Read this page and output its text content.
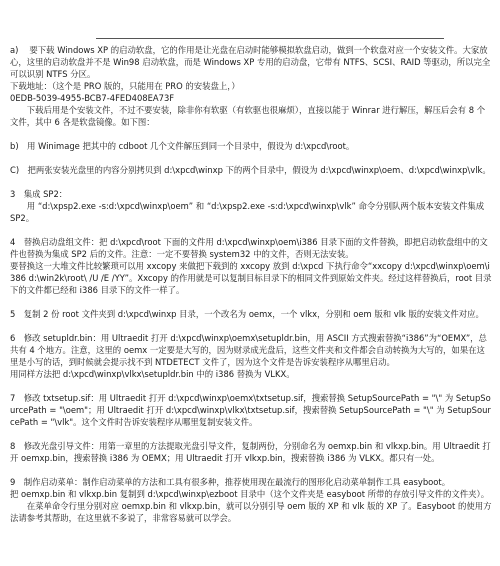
a)　 要下载 Windows XP 的启动软盘，它的作用是让光盘在启动时能够模拟软盘启动，做到一个软盘对应一个安装文件。大家放心，这里的启动软盘并不是 Win98 启动软盘，而是 Windows XP 专用的启动盘，它带有 NTFS、SCSI、RAID 等驱动，所以完全可以识别 NTFS 分区。

下载地址：（这个是 PRO 版的，只能用在 PRO 的安装盘上，）

0EDB-5039-4955-BCB7-4FED408EA73F

下载后用是个安装文件，不过不要安装，除非你有软驱（有软驱也很麻烦），直接以能于 Winrar 进行解压，解压后会有 8 个文件，其中 6 各是软盘镜像。如下图：

b)　用 Winimage 把其中的 cdboot 几个文件解压到同一个目录中，假设为 d:\xpcd\root。

C)　把两张安装光盘里的内容分别拷贝到 d:\xpcd\winxp 下的两个目录中，假设为 d:\xpcd\winxp\oem、d:\xpcd\winxp\vlk。

3　集成 SP2：

用 “d:\xpsp2.exe -s:d:\xpcd\winxp\oem” 和 “d:\xpsp2.exe -s:d:\xpcd\winxp\vlk” 命令分别队两个版本安装文件集成 SP2。

4　替换启动盘组文件：把 d:\xpcd\root 下面的文件用 d:\xpcd\winxp\oem\i386 目录下面的文件替换，即把启动软盘组中的文件也替换为集成 SP2 后的文件。注意：一定不要替换 system32 中的文件，否则无法安装。

要替换这一大堆文件比较繁琐可以用 xxcopy 来做把下载到的 xxcopy 放到 d:\xpcd 下执行命令“xxcopy d:\xpcd\winxp\oem\i386 d:\win2k\root\ /U /E /YY”。Xxcopy 的作用就是可以复制目标目录下的相同文件到原始文件夹。经过这样替换后，root 目录下的文件都已经和 i386 目录下的文件一样了。

5　复制 2 份 root 文件夹到 d:\xpcd\winxp 目录，一个改名为 oemx，一个 vlkx，分别和 oem 版和 vlk 版的安装文件对应。

6　修改 setupldr.bin：用 Ultraedit 打开 d:\xpcd\winxp\oemx\setupldr.bin，用 ASCII 方式搜索替换“i386”为“OEMX”，总共有 4 个地方。注意，这里的 oemx 一定要是大写的，因为财录成光盘后，这些文件夹和文件都会自动转换为大写的，如果在这里是小写的话，到时候就会提示找不到 NTDETECT 文件了，因为这个文件是告诉安装程序从哪里启动。

用同样方法把 d:\xpcd\winxp\vlkx\setupldr.bin 中的 i386 替换为 VLKX。

7　修改 txtsetup.sif：用 Ultraedit 打开 d:\xpcd\winxp\oemx\txtsetup.sif，搜索替换 SetupSourcePath = "\" 为 SetupSourcePath = "\oem"；用 Ultraedit 打开 d:\xpcd\winxp\vlkx\txtsetup.sif，搜索替换 SetupSourcePath = "\" 为 SetupSourcePath = "\vlk"。这个文件时告诉安装程序从哪里复制安装文件。

8　修改光盘引导文件：用第一章里的方法提取光盘引导文件，复制两份，分别命名为 oemxp.bin 和 vlkxp.bin。用 Ultraedit 打开 oemxp.bin，搜索替换 i386 为 OEMX；用 Ultraedit 打开 vlkxp.bin，搜索替换 i386 为 VLKX。都只有一处。

9　制作启动菜单：制作启动菜单的方法和工具有很多种，推荐使用现在最流行的图形化启动菜单制作工具 easyboot。

把 oemxp.bin 和 vlkxp.bin 复制到 d:\xpcd\winxp\ezboot 目录中（这个文件夹是 easyboot 所带的存放引导文件的文件夹）。

在菜单命令行里分别对应 oemxp.bin 和 vlkxp.bin，就可以分别引导 oem 版的 XP 和 vlk 版的 XP 了。Easyboot 的使用方法请参考其帮助，在这里就不多说了，非常容易就可以学会。
